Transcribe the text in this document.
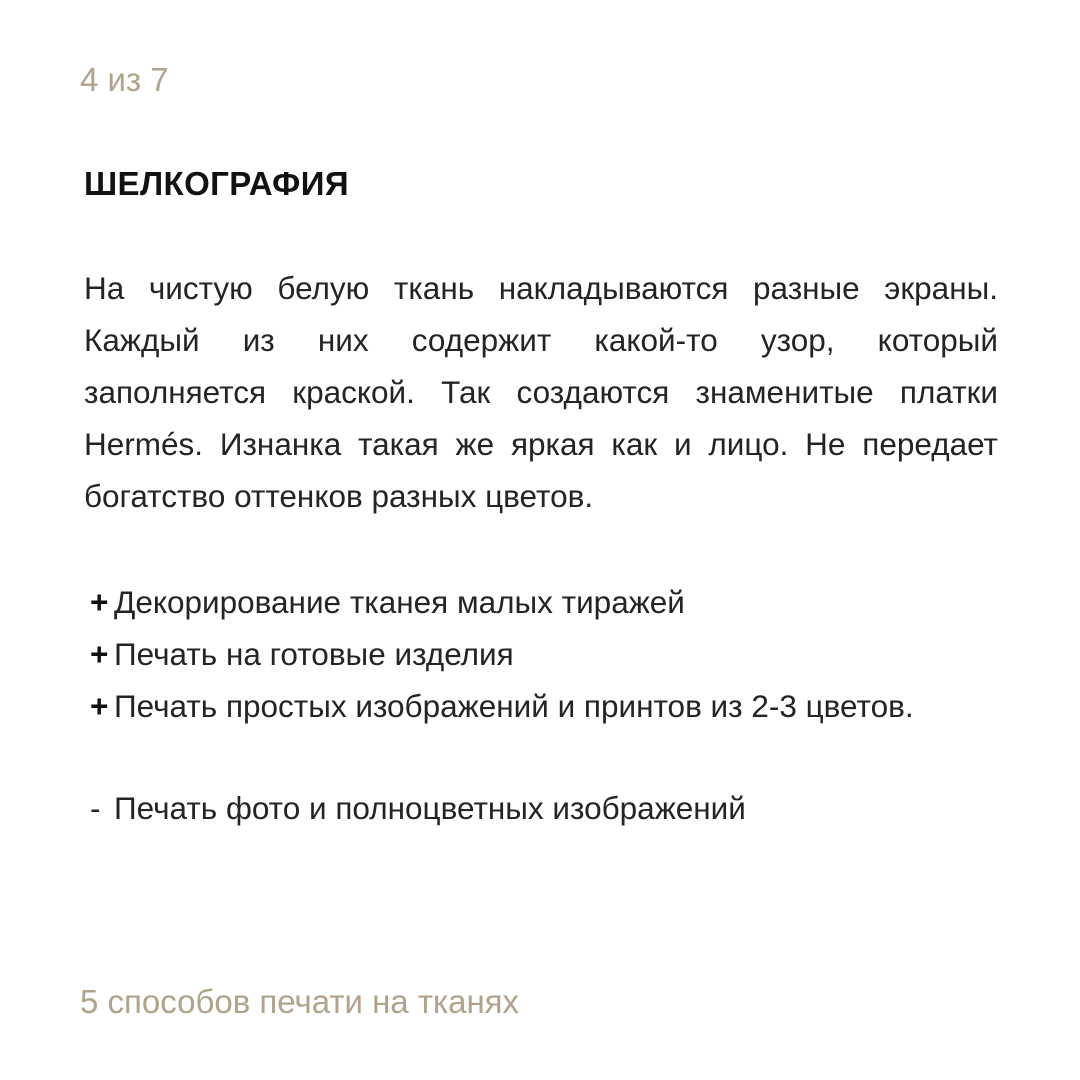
4 из 7
ШЕЛКОГРАФИЯ
На чистую белую ткань накладываются разные экраны.
Каждый из них содержит какой-то узор, который
заполняется краской. Так создаются знаменитые платки
Hermés. Изнанка такая же яркая как и лицо. Не передает
богатство оттенков разных цветов.
+ Декорирование тканея малых тиражей
+ Печать на готовые изделия
+ Печать простых изображений и принтов из 2-3 цветов.
- Печать фото и полноцветных изображений
5 способов печати на тканях
